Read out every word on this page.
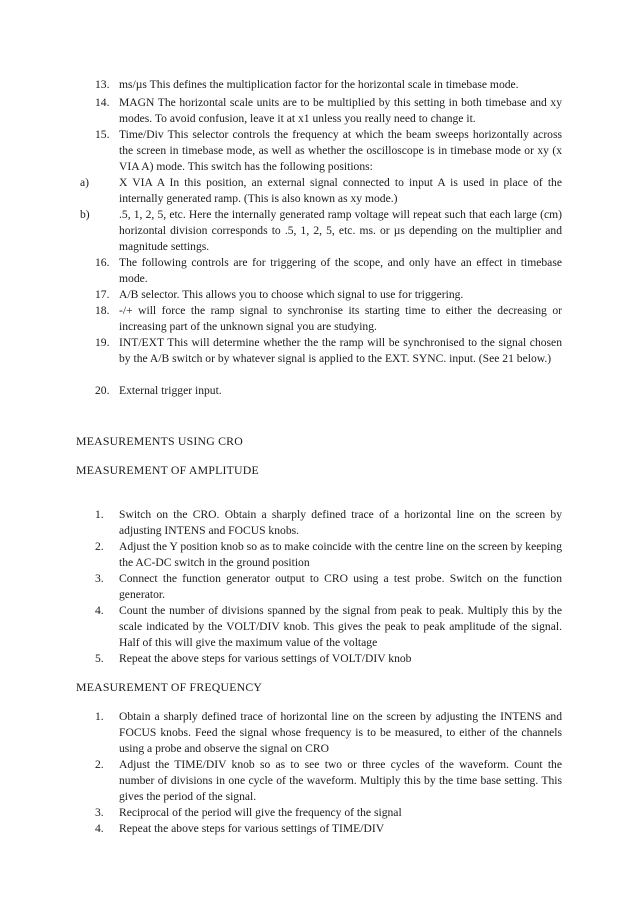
13. ms/µs This defines the multiplication factor for the horizontal scale in timebase mode.
14. MAGN The horizontal scale units are to be multiplied by this setting in both timebase and xy modes. To avoid confusion, leave it at x1 unless you really need to change it.
15. Time/Div This selector controls the frequency at which the beam sweeps horizontally across the screen in timebase mode, as well as whether the oscilloscope is in timebase mode or xy (x VIA A) mode. This switch has the following positions:
a)	X VIA A In this position, an external signal connected to input A is used in place of the internally generated ramp. (This is also known as xy mode.)
b)	.5, 1, 2, 5, etc. Here the internally generated ramp voltage will repeat such that each large (cm) horizontal division corresponds to .5, 1, 2, 5, etc. ms. or µs depending on the multiplier and magnitude settings.
16. The following controls are for triggering of the scope, and only have an effect in timebase mode.
17. A/B selector. This allows you to choose which signal to use for triggering.
18. -/+ will force the ramp signal to synchronise its starting time to either the decreasing or increasing part of the unknown signal you are studying.
19. INT/EXT This will determine whether the the ramp will be synchronised to the signal chosen by the A/B switch or by whatever signal is applied to the EXT. SYNC. input. (See 21 below.)
20. External trigger input.
MEASUREMENTS USING CRO
MEASUREMENT OF AMPLITUDE
1.	Switch on the CRO. Obtain a sharply defined trace of a horizontal line on the screen by adjusting INTENS and FOCUS knobs.
2.	Adjust the Y position knob so as to make coincide with the centre line on the screen by keeping the AC-DC switch in the ground position
3.	Connect the function generator output to CRO using a test probe. Switch on the function generator.
4.	Count the number of divisions spanned by the signal from peak to peak. Multiply this by the scale indicated by the VOLT/DIV knob. This gives the peak to peak amplitude of the signal. Half of this will give the maximum value of the voltage
5.	Repeat the above steps for various settings of VOLT/DIV knob
MEASUREMENT OF FREQUENCY
1.	Obtain a sharply defined trace of horizontal line on the screen by adjusting the INTENS and FOCUS knobs. Feed the signal whose frequency is to be measured, to either of the channels using a probe and observe the signal on CRO
2.	Adjust the TIME/DIV knob so as to see two or three cycles of the waveform. Count the number of divisions in one cycle of the waveform. Multiply this by the time base setting. This gives the period of the signal.
3.	Reciprocal of the period will give the frequency of the signal
4.	Repeat the above steps for various settings of TIME/DIV
